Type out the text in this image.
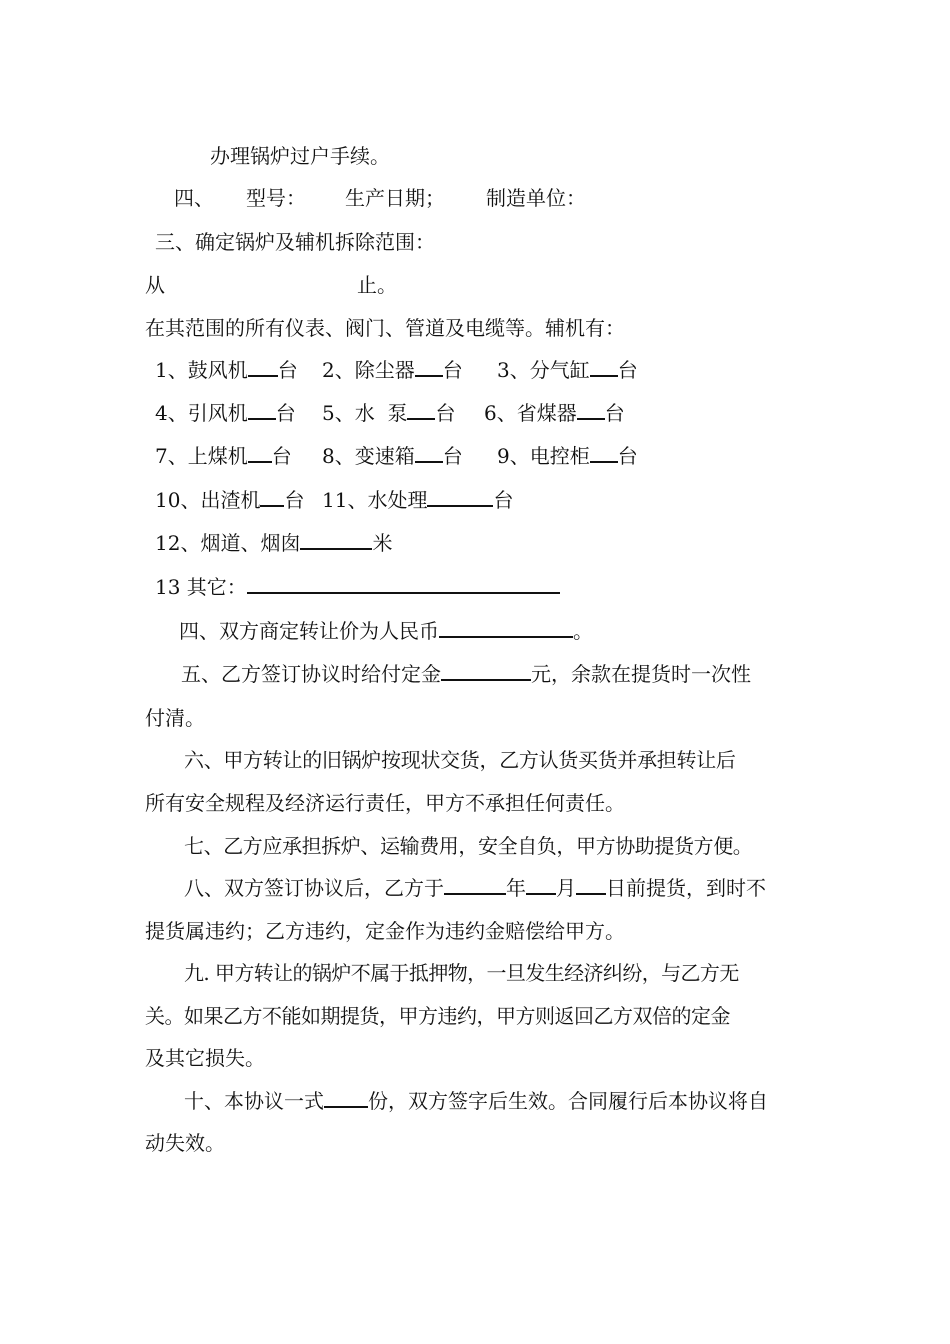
办理锅炉过户手续。
四、 型号： 生产日期； 制造单位：
三、确定锅炉及辅机拆除范围：
从	止。
在其范围的所有仪表、阀门、管道及电缆等。辅机有：
1、鼓风机 台 2、除尘器 台 3、分气缸 台
4、引风机 台 5、水  泵 台 6、省煤器 台
7、上煤机 台 8、变速箱 台 9、电控柜 台
10、出渣机 台 11、水处理	台
12、烟道、烟囱	米
13 其它：
四、双方商定转让价为人民币	。
五、乙方签订协议时给付定金	元，余款在提货时一次性
付清。
六、甲方转让的旧锅炉按现状交货，乙方认货买货并承担转让后
所有安全规程及经济运行责任，甲方不承担任何责任。
七、乙方应承担拆炉、运输费用，安全自负，甲方协助提货方便。
八、双方签订协议后，乙方于	年 月 日前提货，到时不
提货属违约；乙方违约，定金作为违约金赔偿给甲方。
九. 甲方转让的锅炉不属于抵押物，一旦发生经济纠纷，与乙方无
关。如果乙方不能如期提货，甲方违约，甲方则返回乙方双倍的定金
及其它损失。
十、本协议一式 份，双方签字后生效。合同履行后本协议将自
动失效。
